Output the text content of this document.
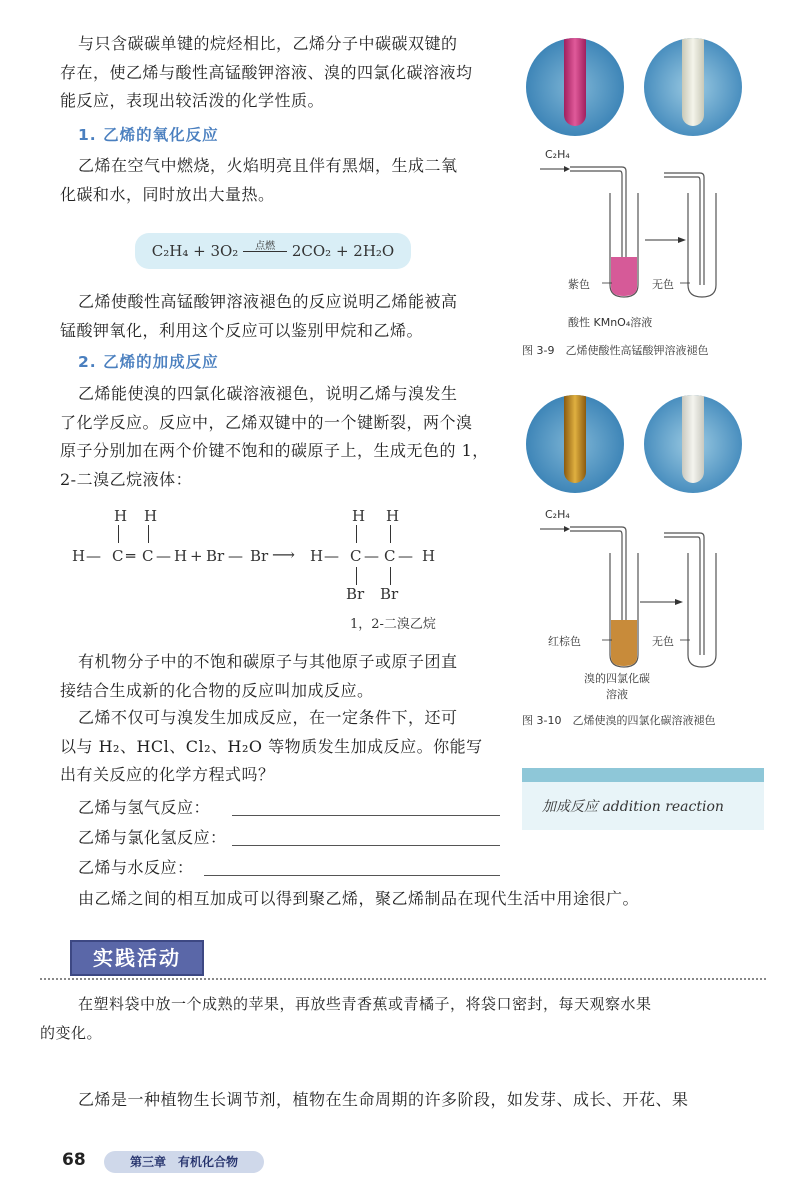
与只含碳碳单键的烷烃相比，乙烯分子中碳碳双键的
存在，使乙烯与酸性高锰酸钾溶液、溴的四氯化碳溶液均
能反应，表现出较活泼的化学性质。
1. 乙烯的氧化反应
乙烯在空气中燃烧，火焰明亮且伴有黑烟，生成二氧
化碳和水，同时放出大量热。
C₂H₄ + 3O₂	点燃	2CO₂ + 2H₂O
乙烯使酸性高锰酸钾溶液褪色的反应说明乙烯能被高
锰酸钾氧化，利用这个反应可以鉴别甲烷和乙烯。
2. 乙烯的加成反应
乙烯能使溴的四氯化碳溶液褪色，说明乙烯与溴发生
了化学反应。反应中，乙烯双键中的一个键断裂，两个溴
原子分别加在两个价键不饱和的碳原子上，生成无色的 1，
2-二溴乙烷液体：
H H
H — C ═ C — H + Br — Br ⟶
H H
H — C — C — H
Br Br
1，2-二溴乙烷
有机物分子中的不饱和碳原子与其他原子或原子团直
接结合生成新的化合物的反应叫加成反应。
乙烯不仅可与溴发生加成反应，在一定条件下，还可
以与 H₂、HCl、Cl₂、H₂O 等物质发生加成反应。你能写
出有关反应的化学方程式吗？
乙烯与氢气反应：
乙烯与氯化氢反应：
乙烯与水反应：
由乙烯之间的相互加成可以得到聚乙烯，聚乙烯制品在现代生活中用途很广。
C₂H₄
紫色	无色
酸性 KMnO₄溶液
图 3-9　乙烯使酸性高锰酸钾溶液褪色
C₂H₄
红棕色	无色
溴的四氯化碳
溶液
图 3-10　乙烯使溴的四氯化碳溶液褪色
加成反应 addition reaction
实践活动
在塑料袋中放一个成熟的苹果，再放些青香蕉或青橘子，将袋口密封，每天观察水果
的变化。
乙烯是一种植物生长调节剂，植物在生命周期的许多阶段，如发芽、成长、开花、果
68	第三章　有机化合物
